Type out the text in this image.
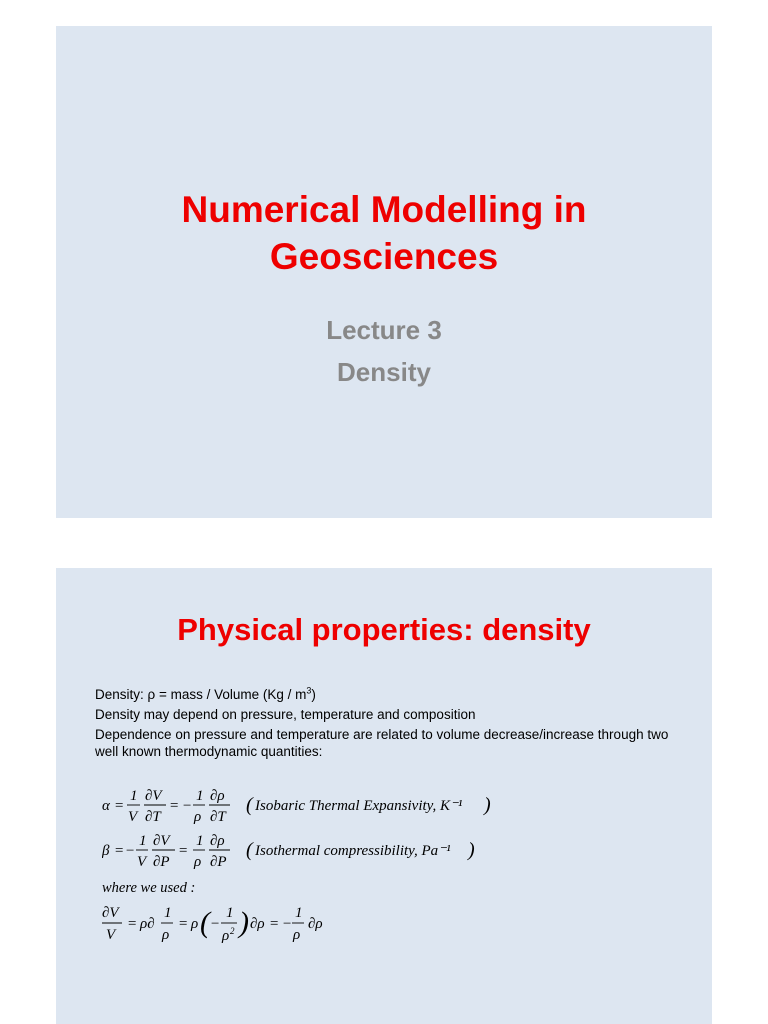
Numerical Modelling in
Geosciences
Lecture 3
Density
Physical properties: density

Density: ρ = mass / Volume $(Kg / m^3)$

Density may depend on pressure, temperature and composition

Dependence on pressure and temperature are related to volume decrease/increase through two well known thermodynamic quantities:

α =
1
V
∂V
∂T
= −
1
ρ
∂ρ
∂T
( Isobaric Thermal Expansivity, K⁻¹ )
β = −
1
V
∂V
∂P
=
1
ρ
∂ρ
∂P
( Isothermal compressibility, Pa⁻¹ )
where we used :
∂V
V
= ρ∂
1
ρ
= ρ ( −
1
ρ 2 ) ∂ρ = −
1
ρ
∂ρ
